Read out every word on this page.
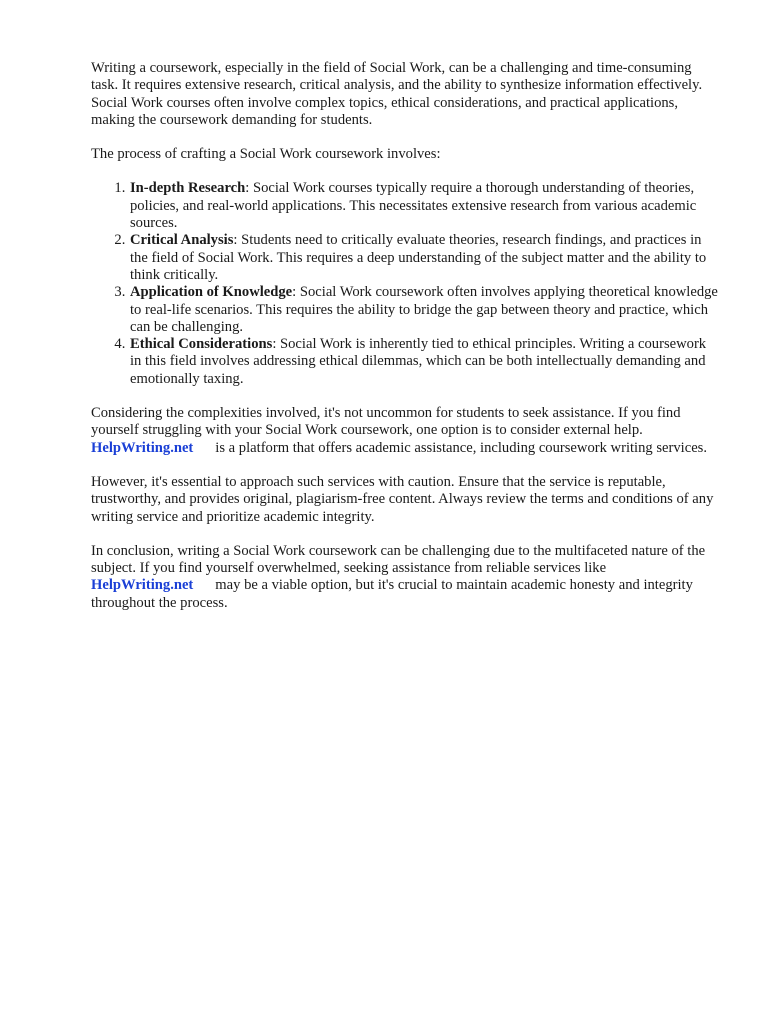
Writing a coursework, especially in the field of Social Work, can be a challenging and time-consuming task. It requires extensive research, critical analysis, and the ability to synthesize information effectively. Social Work courses often involve complex topics, ethical considerations, and practical applications, making the coursework demanding for students.

The process of crafting a Social Work coursework involves:

1. In-depth Research: Social Work courses typically require a thorough understanding of theories, policies, and real-world applications. This necessitates extensive research from various academic sources.
2. Critical Analysis: Students need to critically evaluate theories, research findings, and practices in the field of Social Work. This requires a deep understanding of the subject matter and the ability to think critically.
3. Application of Knowledge: Social Work coursework often involves applying theoretical knowledge to real-life scenarios. This requires the ability to bridge the gap between theory and practice, which can be challenging.
4. Ethical Considerations: Social Work is inherently tied to ethical principles. Writing a coursework in this field involves addressing ethical dilemmas, which can be both intellectually demanding and emotionally taxing.

Considering the complexities involved, it's not uncommon for students to seek assistance. If you find yourself struggling with your Social Work coursework, one option is to consider external help. HelpWriting.net is a platform that offers academic assistance, including coursework writing services.

However, it's essential to approach such services with caution. Ensure that the service is reputable, trustworthy, and provides original, plagiarism-free content. Always review the terms and conditions of any writing service and prioritize academic integrity.

In conclusion, writing a Social Work coursework can be challenging due to the multifaceted nature of the subject. If you find yourself overwhelmed, seeking assistance from reliable services like HelpWriting.net may be a viable option, but it's crucial to maintain academic honesty and integrity throughout the process.
